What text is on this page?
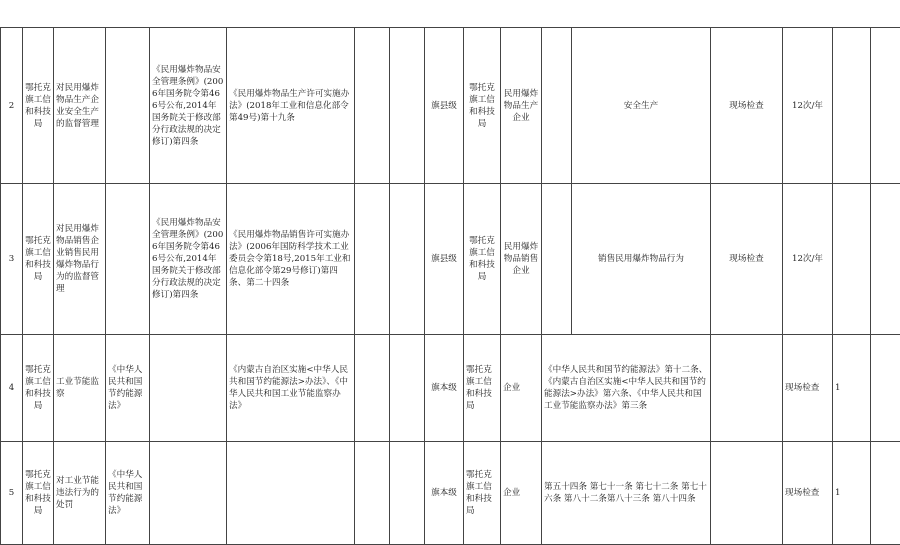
2	鄂托克旗工信和科技局	对民用爆炸物品生产企业安全生产的监督管理		《民用爆炸物品安全管理条例》(2006年国务院令第466号公布,2014年国务院关于修改部分行政法规的决定修订)第四条	《民用爆炸物品生产许可实施办法》(2018年工业和信息化部令第49号)第十九条			旗县级	鄂托克旗工信和科技局	民用爆炸物品生产企业		安全生产	现场检查	12次/年		
3	鄂托克旗工信和科技局	对民用爆炸物品销售企业销售民用爆炸物品行为的监督管理		《民用爆炸物品安全管理条例》(2006年国务院令第466号公布,2014年国务院关于修改部分行政法规的决定修订)第四条	《民用爆炸物品销售许可实施办法》(2006年国防科学技术工业委员会令第18号,2015年工业和信息化部令第29号修订)第四条、第二十四条			旗县级	鄂托克旗工信和科技局	民用爆炸物品销售企业		销售民用爆炸物品行为	现场检查	12次/年		
4	鄂托克旗工信和科技局	工业节能监察	《中华人民共和国节约能源法》		《内蒙古自治区实施<中华人民共和国节约能源法>办法》、《中华人民共和国工业节能监察办法》			旗本级	鄂托克旗工信和科技局	企业	《中华人民共和国节约能源法》第十二条、《内蒙古自治区实施<中华人民共和国节约能源法>办法》第六条、《中华人民共和国工业节能监察办法》第三条			现场检查	1	
5	鄂托克旗工信和科技局	对工业节能违法行为的处罚	《中华人民共和国节约能源法》					旗本级	鄂托克旗工信和科技局	企业	第五十四条 第七十一条 第七十二条 第七十六条 第八十二条第八十三条 第八十四条			现场检查	1	
